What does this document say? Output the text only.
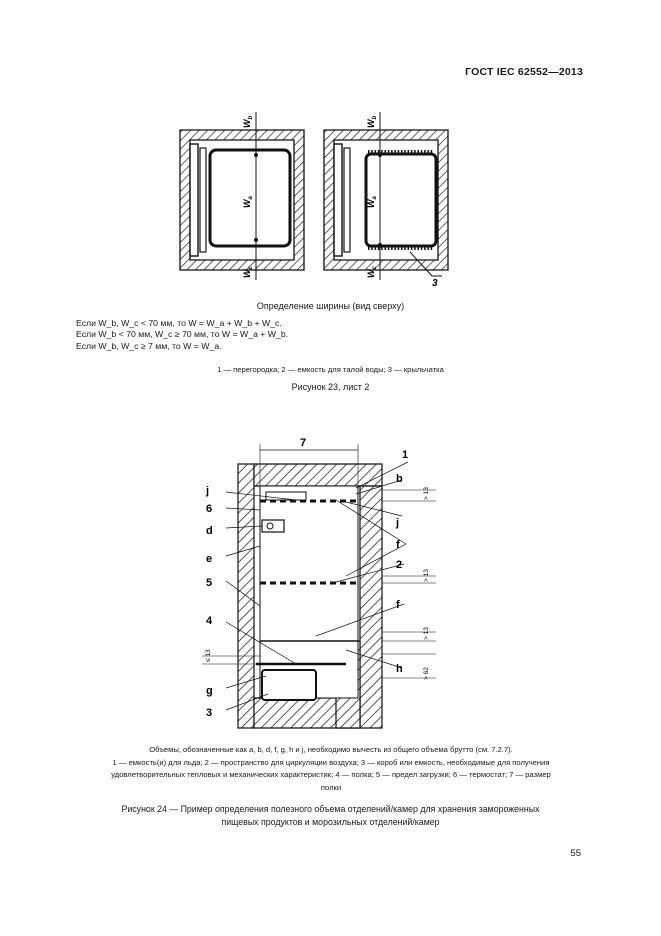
ГОСТ IEC 62552—2013
$W_b$
$W_a$
$W_c$
$W_b$
$W_a$
$W_c$
3
Определение ширины (вид сверху)
Если W_b, W_c < 70 мм, то W = W_a + W_b + W_c.
Если W_b < 70 мм, W_c ≥ 70 мм, то W = W_a + W_b.
Если W_b, W_c ≥ 7 мм, то W = W_a.
1 — перегородка; 2 — емкость для талой воды; 3 — крыльчатка
Рисунок 23, лист 2
7
1
b
j
j
6
d
e
5
f
2
f
4
g
h
3
> 13
> 13
> 13
> 62
≤ 13
Объемы, обозначенные как a, b, d, f, g, h и j, необходимо вычесть из общего объема брутто (см. 7.2.7).
1 — емкость(и) для льда; 2 — пространство для циркуляции воздуха; 3 — короб или емкость, необходимые для получения
удовлетворительных тепловых и механических характеристик; 4 — полка; 5 — предел загрузки; 6 — термостат; 7 — размер
полки
Рисунок 24 — Пример определения полезного объема отделений/камер для хранения замороженных
пищевых продуктов и морозильных отделений/камер
55
